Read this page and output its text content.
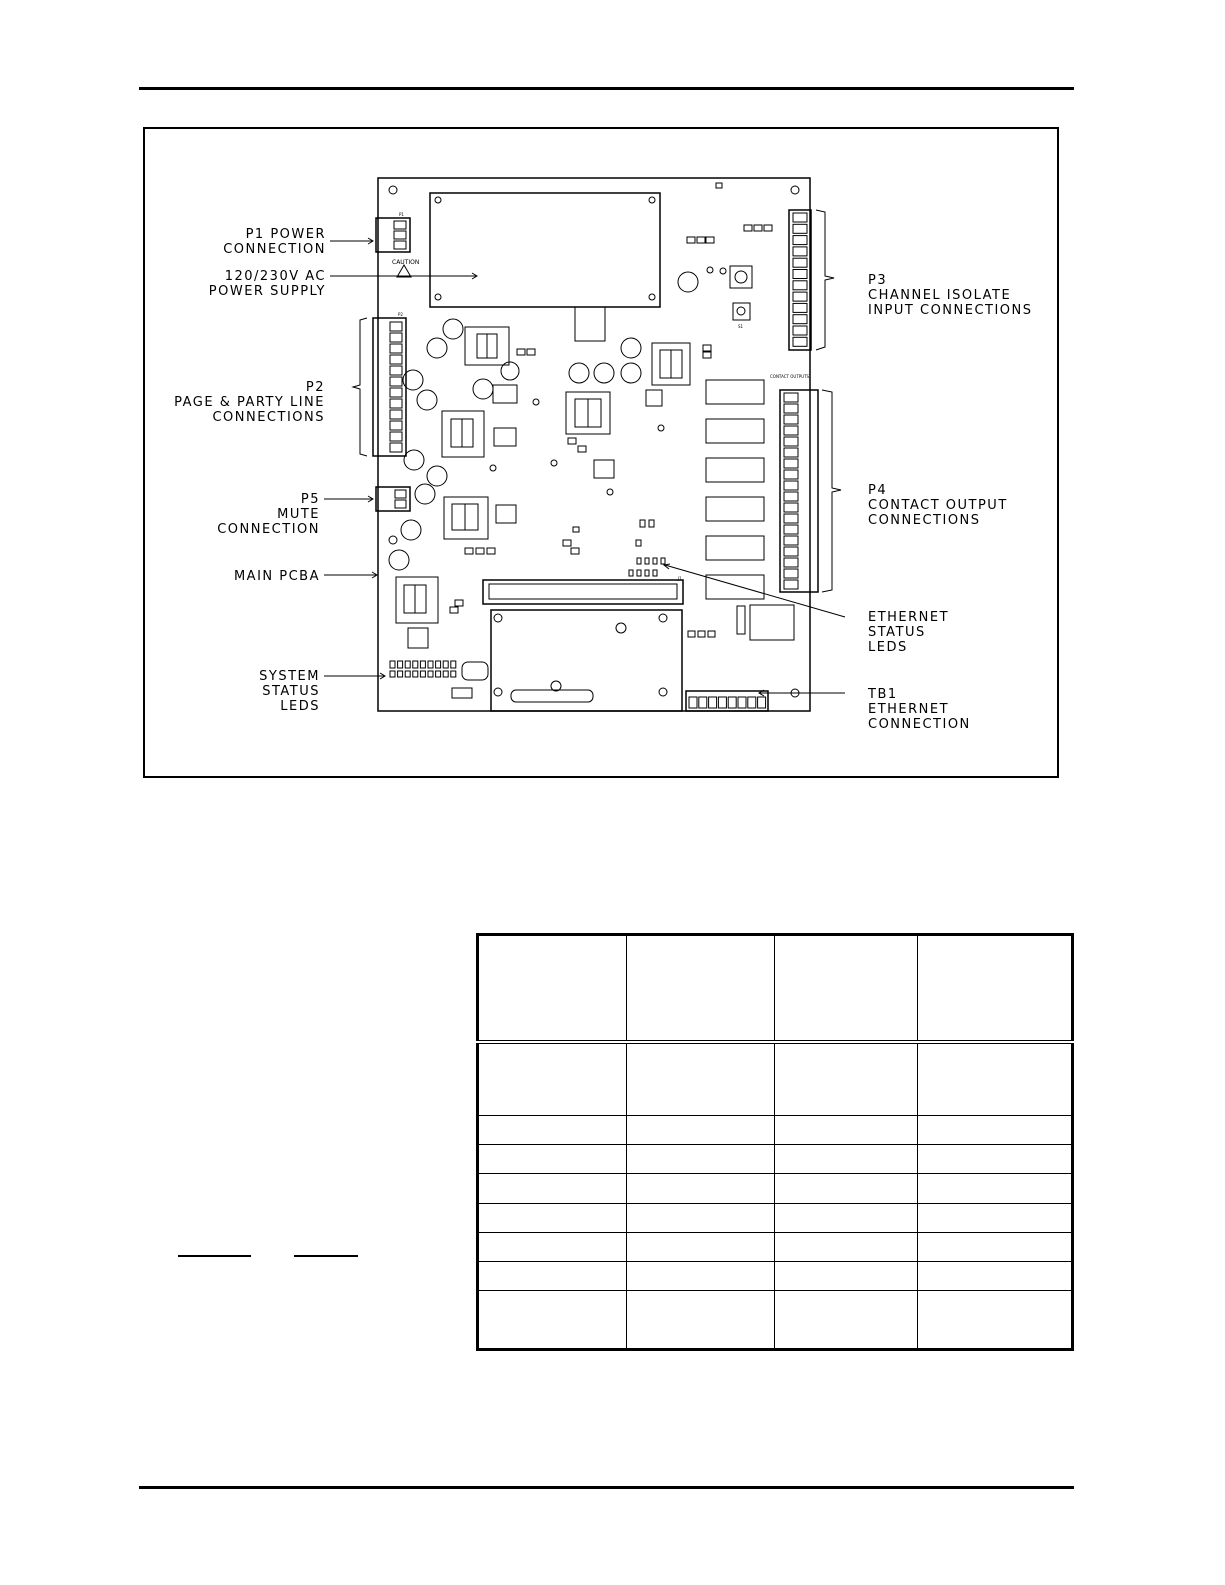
P1
CAUTION
P2
CONTACT OUTPUTS
J1
S1
P1 POWER
CONNECTION
120/230V AC
POWER SUPPLY
P2
PAGE & PARTY LINE
CONNECTIONS
P5
MUTE
CONNECTION
MAIN PCBA
SYSTEM
STATUS
LEDS
P3
CHANNEL ISOLATE
INPUT CONNECTIONS
P4
CONTACT OUTPUT
CONNECTIONS
ETHERNET
STATUS
LEDS
TB1
ETHERNET
CONNECTION
